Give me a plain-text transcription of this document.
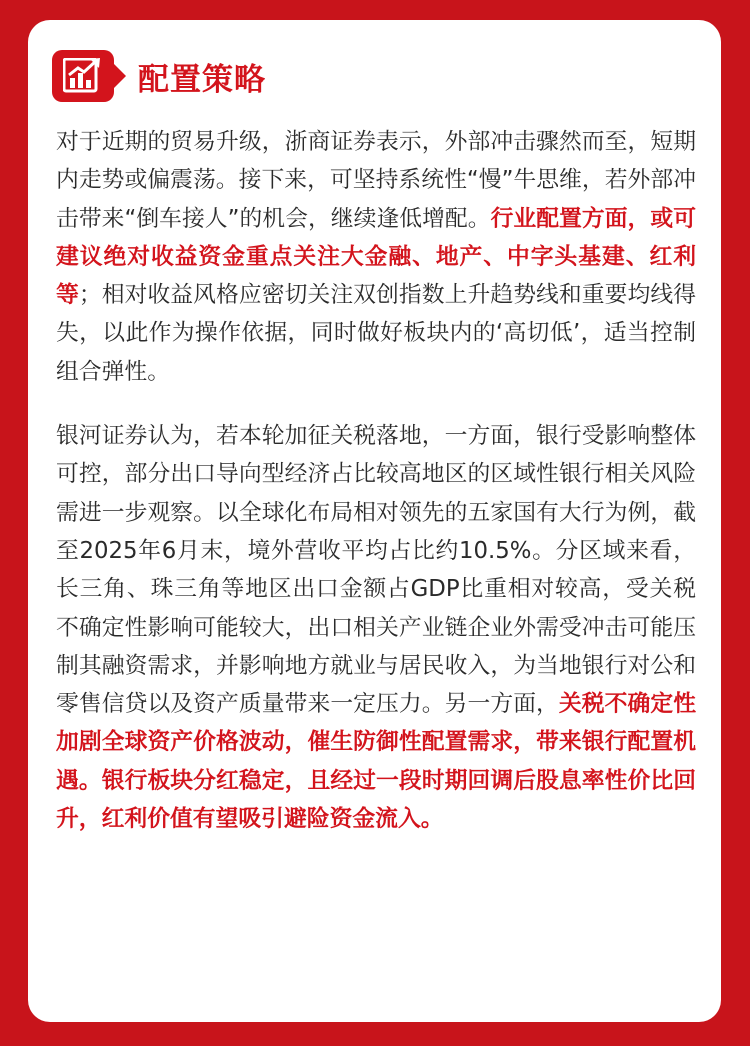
配置策略

对于近期的贸易升级，浙商证券表示，外部冲击骤然而至，短期内走势或偏震荡。接下来，可坚持系统性“慢”牛思维，若外部冲击带来“倒车接人”的机会，继续逢低增配。行业配置方面，或可建议绝对收益资金重点关注大金融、地产、中字头基建、红利等；相对收益风格应密切关注双创指数上升趋势线和重要均线得失，以此作为操作依据，同时做好板块内的‘高切低’，适当控制组合弹性。

银河证券认为，若本轮加征关税落地，一方面，银行受影响整体可控，部分出口导向型经济占比较高地区的区域性银行相关风险需进一步观察。以全球化布局相对领先的五家国有大行为例，截至2025年6月末，境外营收平均占比约10.5%。分区域来看，长三角、珠三角等地区出口金额占GDP比重相对较高，受关税不确定性影响可能较大，出口相关产业链企业外需受冲击可能压制其融资需求，并影响地方就业与居民收入，为当地银行对公和零售信贷以及资产质量带来一定压力。另一方面，关税不确定性加剧全球资产价格波动，催生防御性配置需求，带来银行配置机遇。银行板块分红稳定，且经过一段时期回调后股息率性价比回升，红利价值有望吸引避险资金流入。
